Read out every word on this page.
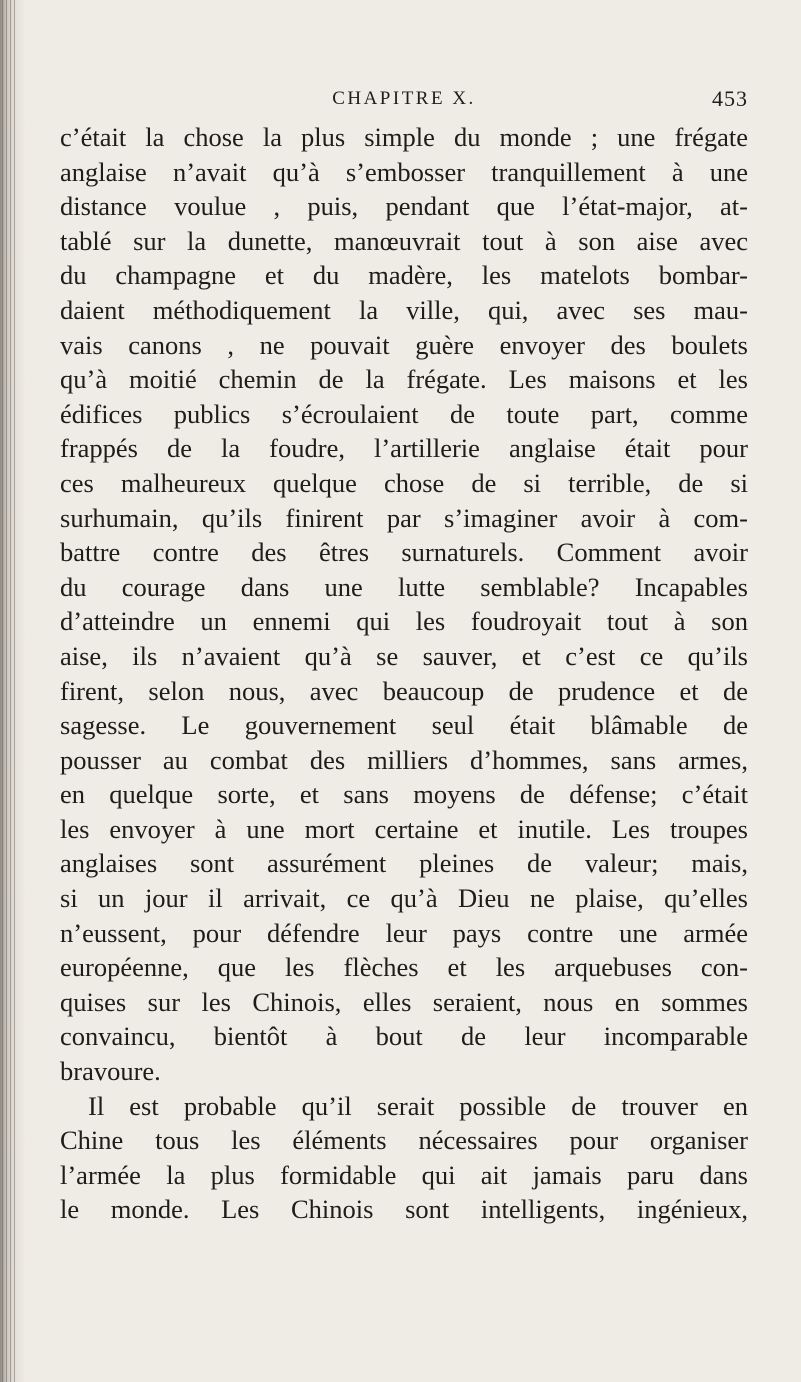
CHAPITRE X.	453
c’était la chose la plus simple du monde ; une frégate
anglaise n’avait qu’à s’embosser tranquillement à une
distance voulue , puis, pendant que l’état-major, at-
tablé sur la dunette, manœuvrait tout à son aise avec
du champagne et du madère, les matelots bombar-
daient méthodiquement la ville, qui, avec ses mau-
vais canons , ne pouvait guère envoyer des boulets
qu’à moitié chemin de la frégate. Les maisons et les
édifices publics s’écroulaient de toute part, comme
frappés de la foudre, l’artillerie anglaise était pour
ces malheureux quelque chose de si terrible, de si
surhumain, qu’ils finirent par s’imaginer avoir à com-
battre contre des êtres surnaturels. Comment avoir
du courage dans une lutte semblable? Incapables
d’atteindre un ennemi qui les foudroyait tout à son
aise, ils n’avaient qu’à se sauver, et c’est ce qu’ils
firent, selon nous, avec beaucoup de prudence et de
sagesse. Le gouvernement seul était blâmable de
pousser au combat des milliers d’hommes, sans armes,
en quelque sorte, et sans moyens de défense; c’était
les envoyer à une mort certaine et inutile. Les troupes
anglaises sont assurément pleines de valeur; mais,
si un jour il arrivait, ce qu’à Dieu ne plaise, qu’elles
n’eussent, pour défendre leur pays contre une armée
européenne, que les flèches et les arquebuses con-
quises sur les Chinois, elles seraient, nous en sommes
convaincu, bientôt à bout de leur incomparable
bravoure.
Il est probable qu’il serait possible de trouver en
Chine tous les éléments nécessaires pour organiser
l’armée la plus formidable qui ait jamais paru dans
le monde. Les Chinois sont intelligents, ingénieux,
